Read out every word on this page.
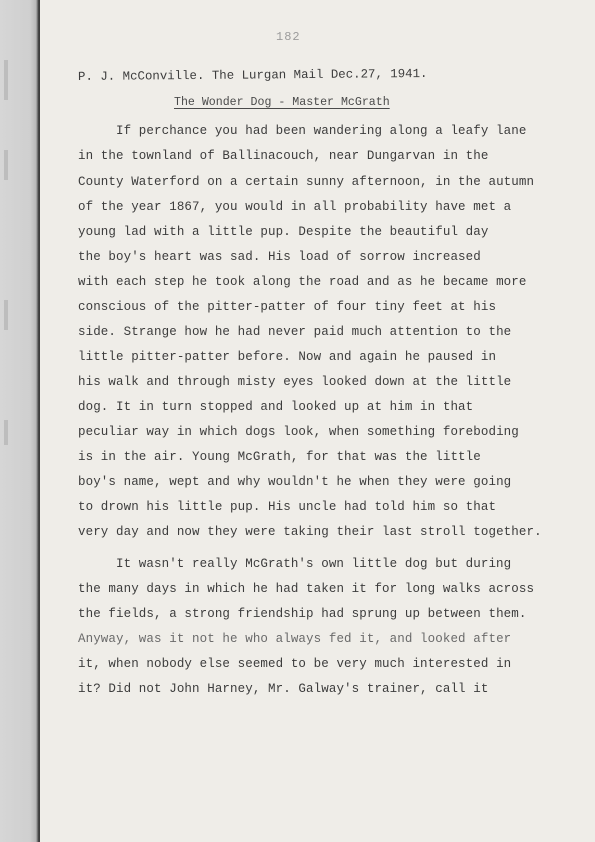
182
P. J. McConville. The Lurgan Mail Dec.27, 1941.
The Wonder Dog - Master McGrath
If perchance you had been wandering along a leafy lane
in the townland of Ballinacouch, near Dungarvan in the
County Waterford on a certain sunny afternoon, in the autumn
of the year 1867, you would in all probability have met a
young lad with a little pup. Despite the beautiful day
the boy's heart was sad. His load of sorrow increased
with each step he took along the road and as he became more
conscious of the pitter-patter of four tiny feet at his
side. Strange how he had never paid much attention to the
little pitter-patter before. Now and again he paused in
his walk and through misty eyes looked down at the little
dog. It in turn stopped and looked up at him in that
peculiar way in which dogs look, when something foreboding
is in the air. Young McGrath, for that was the little
boy's name, wept and why wouldn't he when they were going
to drown his little pup. His uncle had told him so that
very day and now they were taking their last stroll together.
It wasn't really McGrath's own little dog but during
the many days in which he had taken it for long walks across
the fields, a strong friendship had sprung up between them.
Anyway, was it not he who always fed it, and looked after
it, when nobody else seemed to be very much interested in
it? Did not John Harney, Mr. Galway's trainer, call it
